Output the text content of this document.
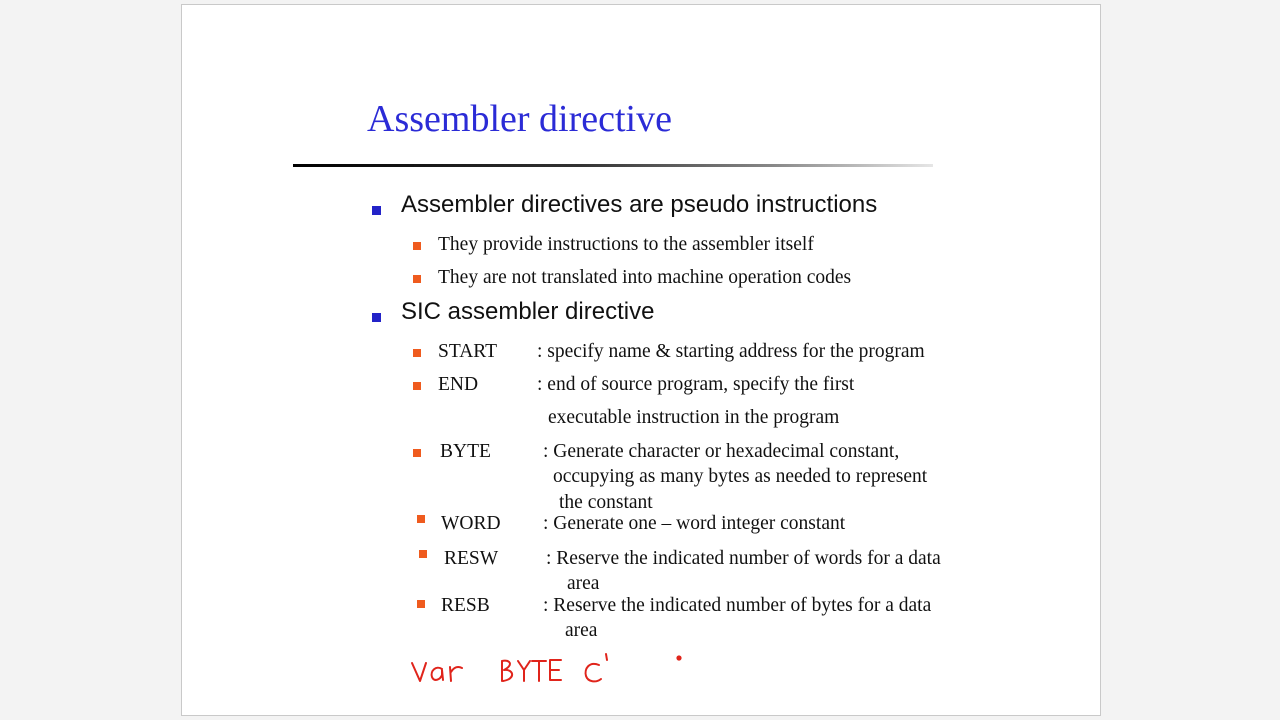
Assembler directive
Assembler directives are pseudo instructions
They provide instructions to the assembler itself
They are not translated into machine operation codes
SIC assembler directive
START : specify name & starting address for the program
END	: end of source program, specify the first
executable instruction in the program
BYTE	: Generate character or hexadecimal constant,
occupying as many bytes as needed to represent
the constant
WORD : Generate one – word integer constant
RESW : Reserve the indicated number of words for a data
area
RESB	: Reserve the indicated number of bytes for a data
area
